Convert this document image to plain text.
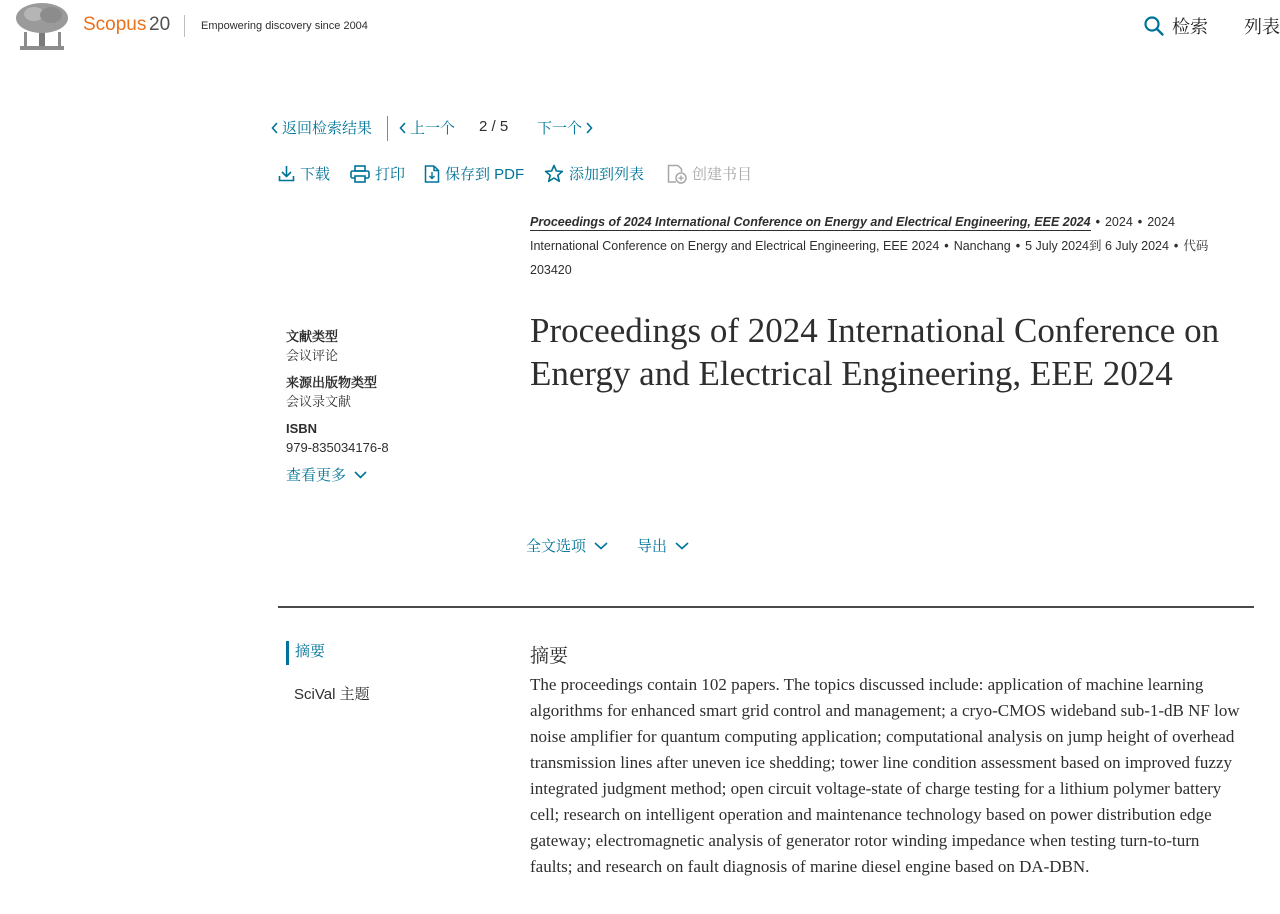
Scopus 20	Empowering discovery since 2004	检索 列表
返回检索结果	上一个 2 / 5 下一个
下载	打印	保存到 PDF	添加到列表	创建书目
Proceedings of 2024 International Conference on Energy and Electrical Engineering, EEE 2024 • 2024 • 2024 International Conference on Energy and Electrical Engineering, EEE 2024 • Nanchang • 5 July 2024到 6 July 2024 • 代码 203420
文献类型
会议评论
来源出版物类型
会议录文献
ISBN
979-835034176-8
查看更多
Proceedings of 2024 International Conference on Energy and Electrical Engineering, EEE 2024
全文选项	导出
摘要
SciVal 主题
摘要

The proceedings contain 102 papers. The topics discussed include: application of machine learning algorithms for enhanced smart grid control and management; a cryo-CMOS wideband sub-1-dB NF low noise amplifier for quantum computing application; computational analysis on jump height of overhead transmission lines after uneven ice shedding; tower line condition assessment based on improved fuzzy integrated judgment method; open circuit voltage-state of charge testing for a lithium polymer battery cell; research on intelligent operation and maintenance technology based on power distribution edge gateway; electromagnetic analysis of generator rotor winding impedance when testing turn-to-turn faults; and research on fault diagnosis of marine diesel engine based on DA-DBN.
